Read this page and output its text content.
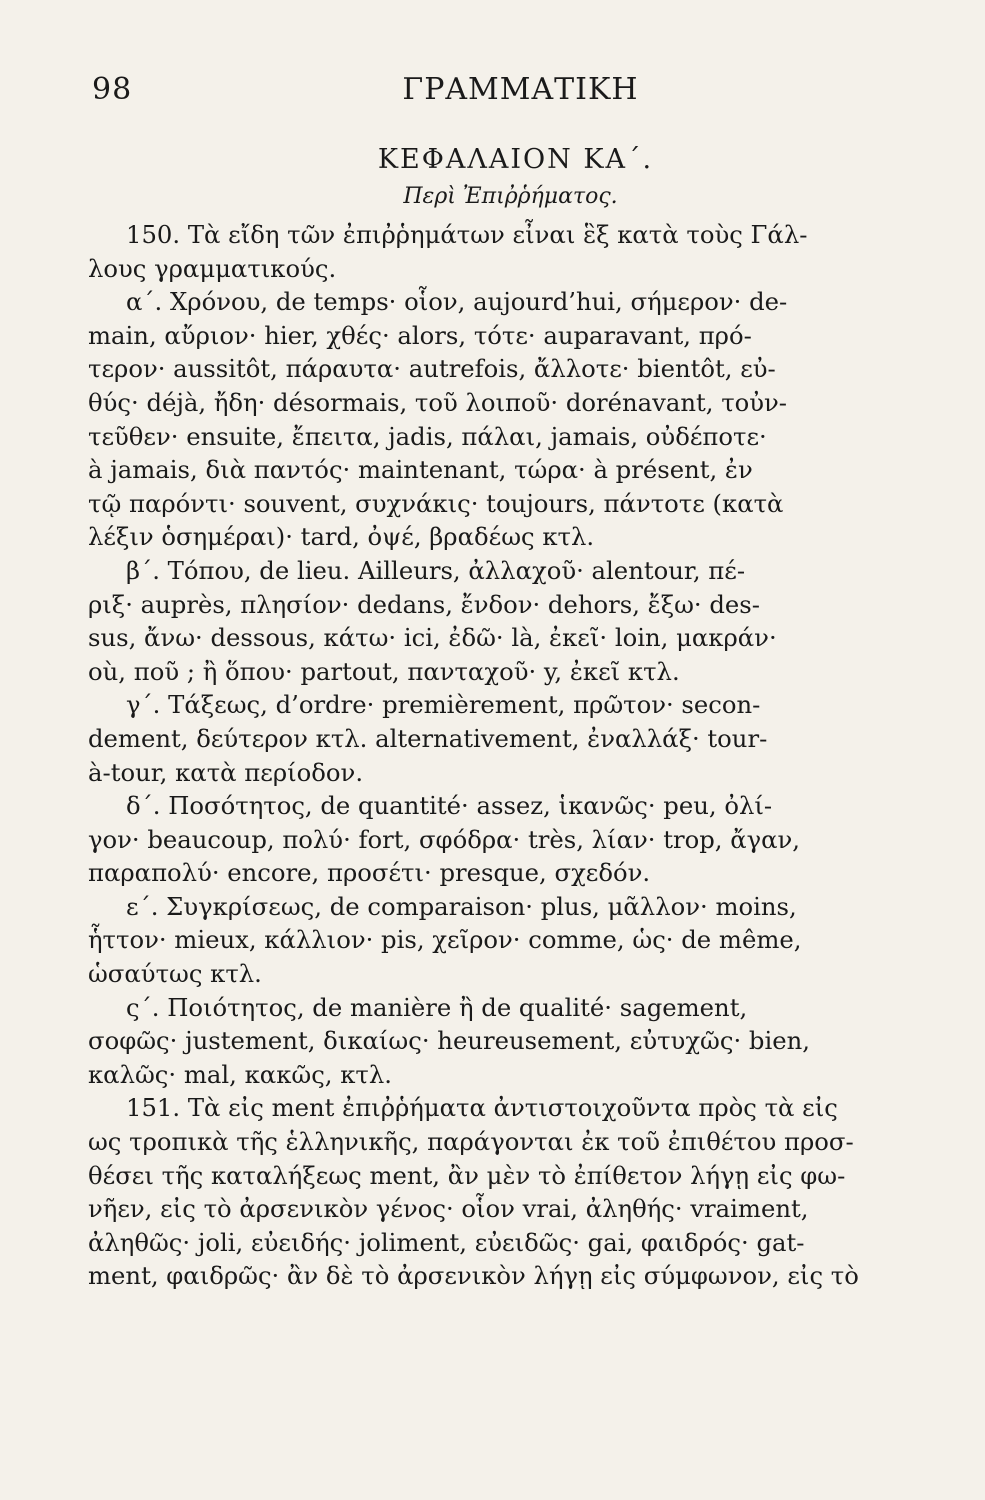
98	ΓΡΑΜΜΑΤΙΚΗ
ΚΕΦΑΛΑΙΟΝ ΚΑ΄.
Περὶ Ἐπιῤῥήματος.
150. Τὰ εἴδη τῶν ἐπιῤῥημάτων εἶναι ἓξ κατὰ τοὺς Γάλ-
λους γραμματικούς.
α΄. Χρόνου, de temps· οἷον, aujourd’hui, σήμερον· de-
main, αὔριον· hier, χθές· alors, τότε· auparavant, πρό-
τερον· aussitôt, πάραυτα· autrefois, ἄλλοτε· bientôt, εὐ-
θύς· déjà, ἤδη· désormais, τοῦ λοιποῦ· dorénavant, τοὐν-
τεῦθεν· ensuite, ἔπειτα, jadis, πάλαι, jamais, οὐδέποτε·
à jamais, διὰ παντός· maintenant, τώρα· à présent, ἐν
τῷ παρόντι· souvent, συχνάκις· toujours, πάντοτε (κατὰ
λέξιν ὁσημέραι)· tard, ὀψέ, βραδέως κτλ.
β΄. Τόπου, de lieu. Ailleurs, ἀλλαχοῦ· alentour, πέ-
ριξ· auprès, πλησίον· dedans, ἔνδον· dehors, ἔξω· des-
sus, ἄνω· dessous, κάτω· ici, ἐδῶ· là, ἐκεῖ· loin, μακράν·
où, ποῦ ; ἢ ὅπου· partout, πανταχοῦ· y, ἐκεῖ κτλ.
γ΄. Τάξεως, d’ordre· premièrement, πρῶτον· secon-
dement, δεύτερον κτλ. alternativement, ἐναλλάξ· tour-
à-tour, κατὰ περίοδον.
δ΄. Ποσότητος, de quantité· assez, ἱκανῶς· peu, ὀλί-
γον· beaucoup, πολύ· fort, σφόδρα· très, λίαν· trop, ἄγαν,
παραπολύ· encore, προσέτι· presque, σχεδόν.
ε΄. Συγκρίσεως, de comparaison· plus, μᾶλλον· moins,
ἧττον· mieux, κάλλιον· pis, χεῖρον· comme, ὡς· de même,
ὡσαύτως κτλ.
ς΄. Ποιότητος, de manière ἢ de qualité· sagement,
σοφῶς· justement, δικαίως· heureusement, εὐτυχῶς· bien,
καλῶς· mal, κακῶς, κτλ.
151. Τὰ εἰς ment ἐπιῤῥήματα ἀντιστοιχοῦντα πρὸς τὰ εἰς
ως τροπικὰ τῆς ἑλληνικῆς, παράγονται ἐκ τοῦ ἐπιθέτου προσ-
θέσει τῆς καταλήξεως ment, ἂν μὲν τὸ ἐπίθετον λήγῃ εἰς φω-
νῆεν, εἰς τὸ ἀρσενικὸν γένος· οἷον vrai, ἀληθής· vraiment,
ἀληθῶς· joli, εὐειδής· joliment, εὐειδῶς· gai, φαιδρός· gat-
ment, φαιδρῶς· ἂν δὲ τὸ ἀρσενικὸν λήγῃ εἰς σύμφωνον, εἰς τὸ
